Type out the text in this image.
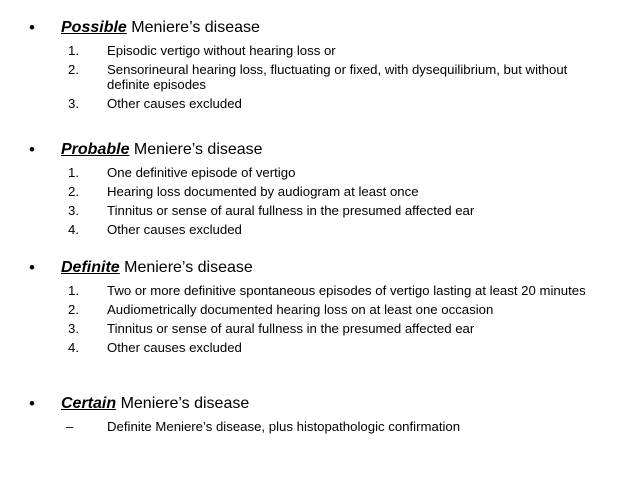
• Possible Meniere’s disease
1. Episodic vertigo without hearing loss or
2. Sensorineural hearing loss, fluctuating or fixed, with dysequilibrium, but without definite episodes
3. Other causes excluded
• Probable Meniere’s disease
1. One definitive episode of vertigo
2. Hearing loss documented by audiogram at least once
3. Tinnitus or sense of aural fullness in the presumed affected ear
4. Other causes excluded
• Definite Meniere’s disease
1. Two or more definitive spontaneous episodes of vertigo lasting at least 20 minutes
2. Audiometrically documented hearing loss on at least one occasion
3. Tinnitus or sense of aural fullness in the presumed affected ear
4. Other causes excluded
• Certain Meniere’s disease
–	Definite Meniere’s disease, plus histopathologic confirmation
